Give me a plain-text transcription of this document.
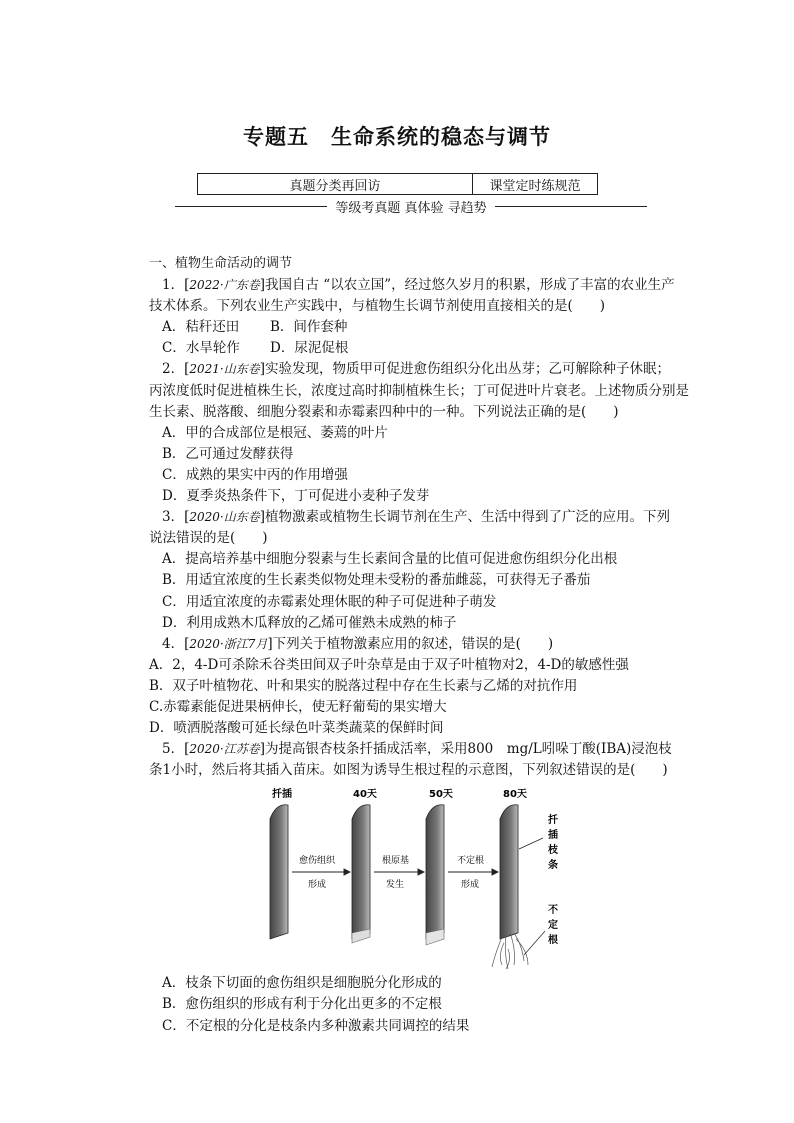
专题五 生命系统的稳态与调节
真题分类再回访	课堂定时练规范
等级考真题 真体验 寻趋势
一、植物生命活动的调节
1．[2022·广东卷]我国自古 “以农立国”，经过悠久岁月的积累，形成了丰富的农业生产
技术体系。下列农业生产实践中，与植物生长调节剂使用直接相关的是(　　)
A．秸秆还田 B．间作套种
C．水旱轮作 D．尿泥促根
2．[2021·山东卷]实验发现，物质甲可促进愈伤组织分化出丛芽；乙可解除种子休眠；
丙浓度低时促进植株生长，浓度过高时抑制植株生长；丁可促进叶片衰老。上述物质分别是
生长素、脱落酸、细胞分裂素和赤霉素四种中的一种。下列说法正确的是(　　)
A．甲的合成部位是根冠、萎蔫的叶片
B．乙可通过发酵获得
C．成熟的果实中丙的作用增强
D．夏季炎热条件下，丁可促进小麦种子发芽
3．[2020·山东卷]植物激素或植物生长调节剂在生产、生活中得到了广泛的应用。下列
说法错误的是(　　)
A．提高培养基中细胞分裂素与生长素间含量的比值可促进愈伤组织分化出根
B．用适宜浓度的生长素类似物处理未受粉的番茄雌蕊，可获得无子番茄
C．用适宜浓度的赤霉素处理休眠的种子可促进种子萌发
D．利用成熟木瓜释放的乙烯可催熟未成熟的柿子
4．[2020·浙江7月]下列关于植物激素应用的叙述，错误的是(　　)
A．2，4-D可杀除禾谷类田间双子叶杂草是由于双子叶植物对2，4-D的敏感性强
B．双子叶植物花、叶和果实的脱落过程中存在生长素与乙烯的对抗作用
C.赤霉素能促进果柄伸长，使无籽葡萄的果实增大
D．喷洒脱落酸可延长绿色叶菜类蔬菜的保鲜时间
5．[2020·江苏卷]为提高银杏枝条扦插成活率，采用800　mg/L吲哚丁酸(IBA)浸泡枝
条1小时，然后将其插入苗床。如图为诱导生根过程的示意图，下列叙述错误的是(　　)
扦插	40天	50天	80天
愈伤组织
形成
根原基
发生
不定根
形成
扦
插
枝
条
不
定
根
A．枝条下切面的愈伤组织是细胞脱分化形成的
B．愈伤组织的形成有利于分化出更多的不定根
C．不定根的分化是枝条内多种激素共同调控的结果
